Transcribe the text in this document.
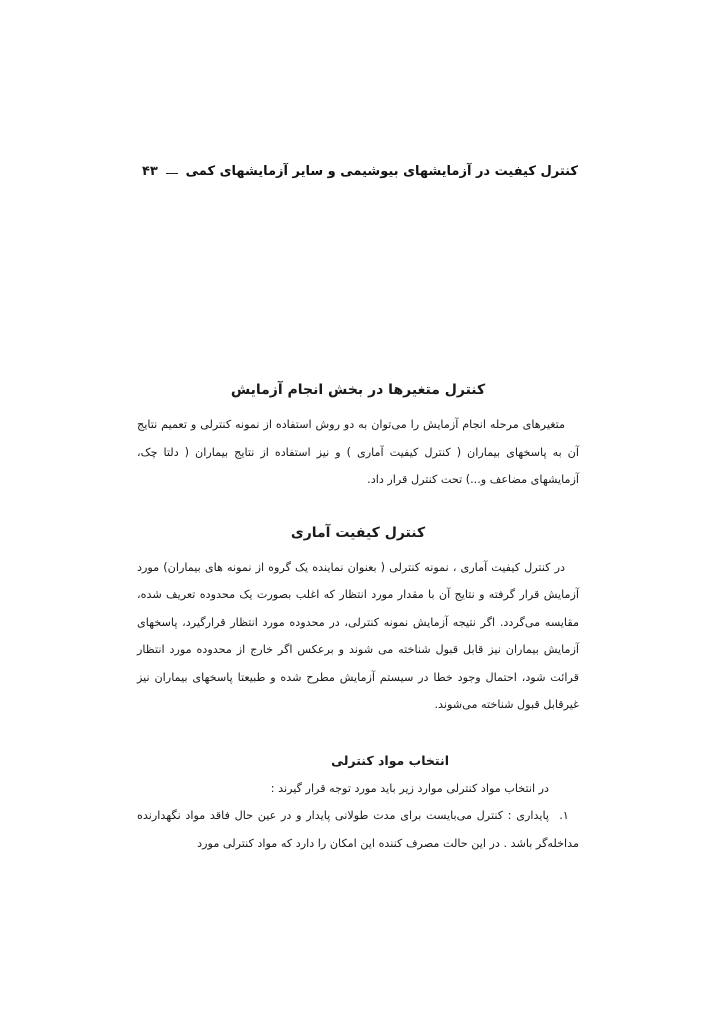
کنترل کیفیت در آزمایشهای بیوشیمی و سایر آزمایشهای کمی
۴۳
کنترل متغیرها در بخش انجام آزمایش

متغیرهای مرحله انجام آزمایش را می‌توان به دو روش استفاده از نمونه کنترلی و تعمیم نتایج آن به پاسخهای بیماران ( کنترل کیفیت آماری ) و نیز استفاده از نتایج بیماران ( دلتا چک، آزمایشهای مضاعف و...) تحت کنترل قرار داد.

کنترل کیفیت آماری

در کنترل کیفیت آماری ، نمونه کنترلی ( بعنوان نماینده یک گروه از نمونه های بیماران) مورد آزمایش قرار گرفته و نتایج آن با مقدار مورد انتظار که اغلب بصورت یک محدوده تعریف شده، مقایسه می‌گردد. اگر نتیجه آزمایش نمونه کنترلی، در محدوده مورد انتظار قرارگیرد، پاسخهای آزمایش بیماران نیز قابل قبول شناخته می شوند و برعکس اگر خارج از محدوده مورد انتظار قرائت شود، احتمال وجود خطا در سیستم آزمایش مطرح شده و طبیعتا پاسخهای بیماران نیز غیرقابل قبول شناخته می‌شوند.

انتخاب مواد کنترلی

در انتخاب مواد کنترلی موارد زیر باید مورد توجه قرار گیرند :

۱.

پایداری : کنترل می‌بایست برای مدت طولانی پایدار و در عین حال فاقد مواد نگهدارنده مداخله‌گر باشد . در این حالت مصرف کننده این امکان را دارد که مواد کنترلی مورد
